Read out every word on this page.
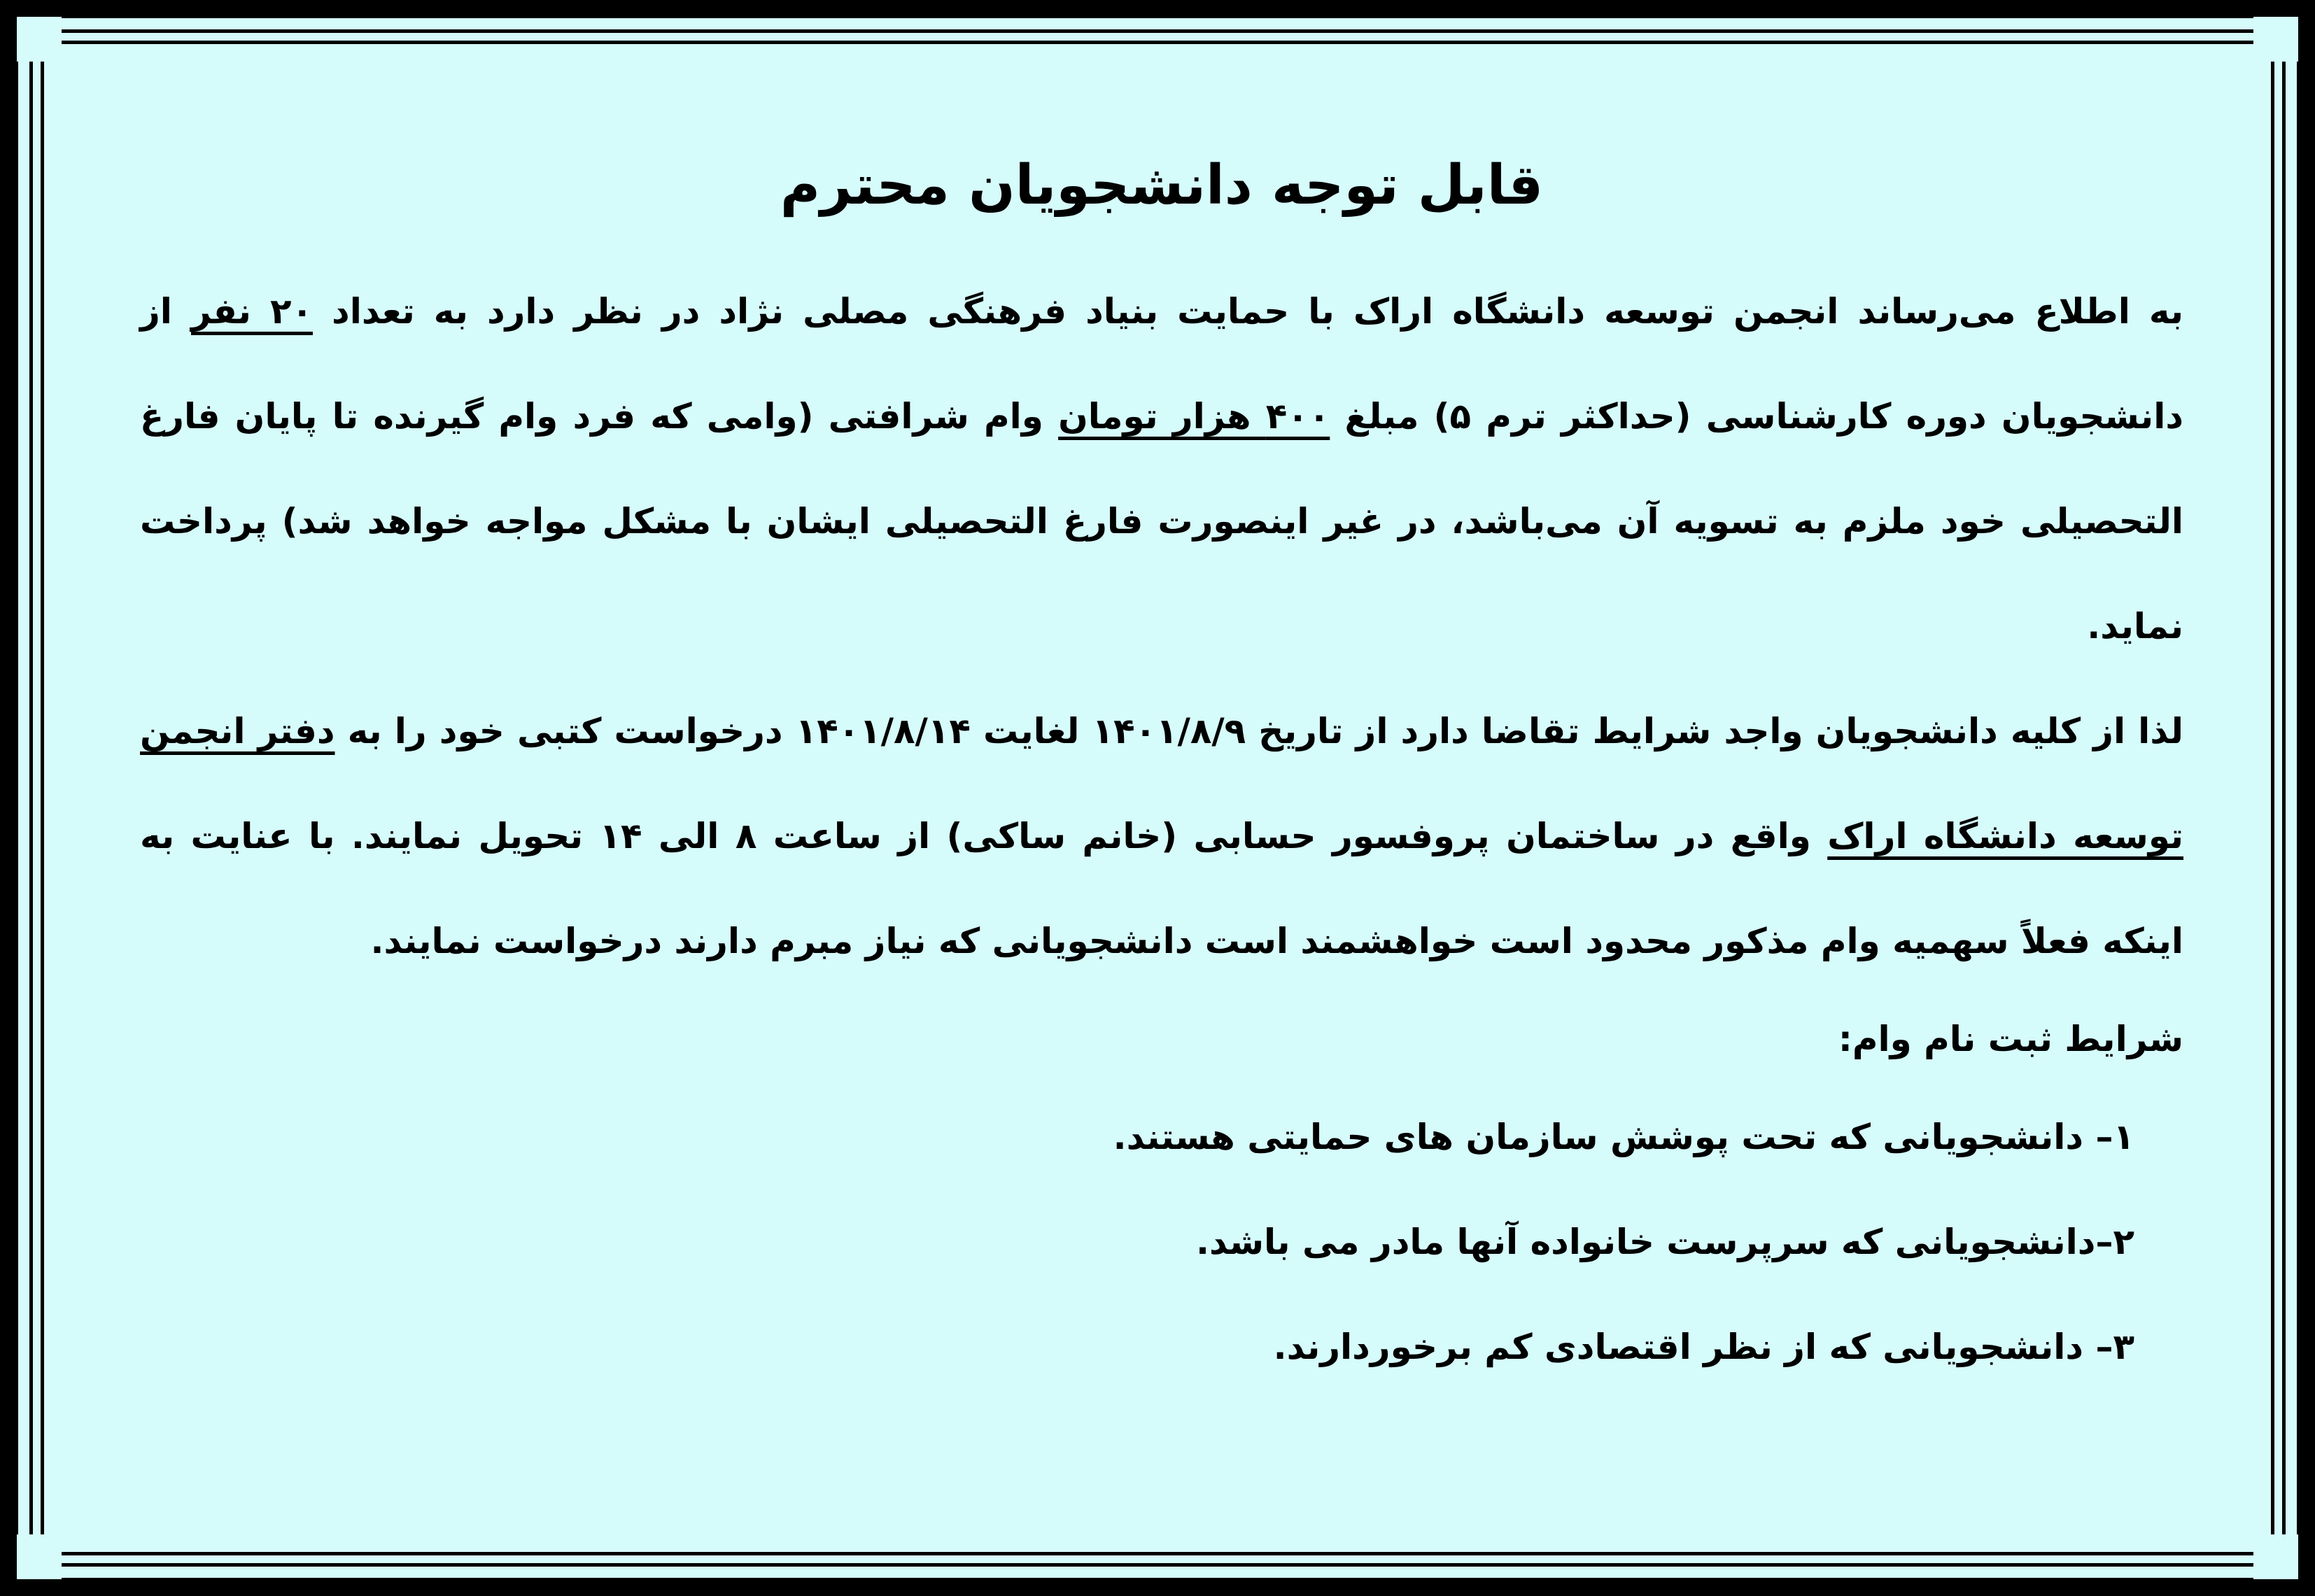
قابل توجه دانشجویان محترم

به اطلاع می‌رساند انجمن توسعه دانشگاه اراک با حمایت بنیاد فرهنگی مصلی نژاد در نظر دارد به تعداد ۲۰ نفر از دانشجویان دوره کارشناسی (حداکثر ترم ۵) مبلغ ۴۰۰ هزار تومان وام شرافتی (وامی که فرد وام گیرنده تا پایان فارغ التحصیلی خود ملزم به تسویه آن می‌باشد، در غیر اینصورت فارغ التحصیلی ایشان با مشکل مواجه خواهد شد) پرداخت نماید.

لذا از کلیه دانشجویان واجد شرایط تقاضا دارد از تاریخ ۱۴۰۱/۸/۹ لغایت ۱۴۰۱/۸/۱۴ درخواست کتبی خود را به دفتر انجمن توسعه دانشگاه اراک واقع در ساختمان پروفسور حسابی (خانم ساکی) از ساعت ۸ الی ۱۴ تحویل نمایند. با عنایت به اینکه فعلاً سهمیه وام مذکور محدود است خواهشمند است دانشجویانی که نیاز مبرم دارند درخواست نمایند.

شرایط ثبت نام وام:

۱– دانشجویانی که تحت پوشش سازمان های حمایتی هستند.
۲–دانشجویانی که سرپرست خانواده آنها مادر می باشد.
۳– دانشجویانی که از نظر اقتصادی کم برخوردارند.
